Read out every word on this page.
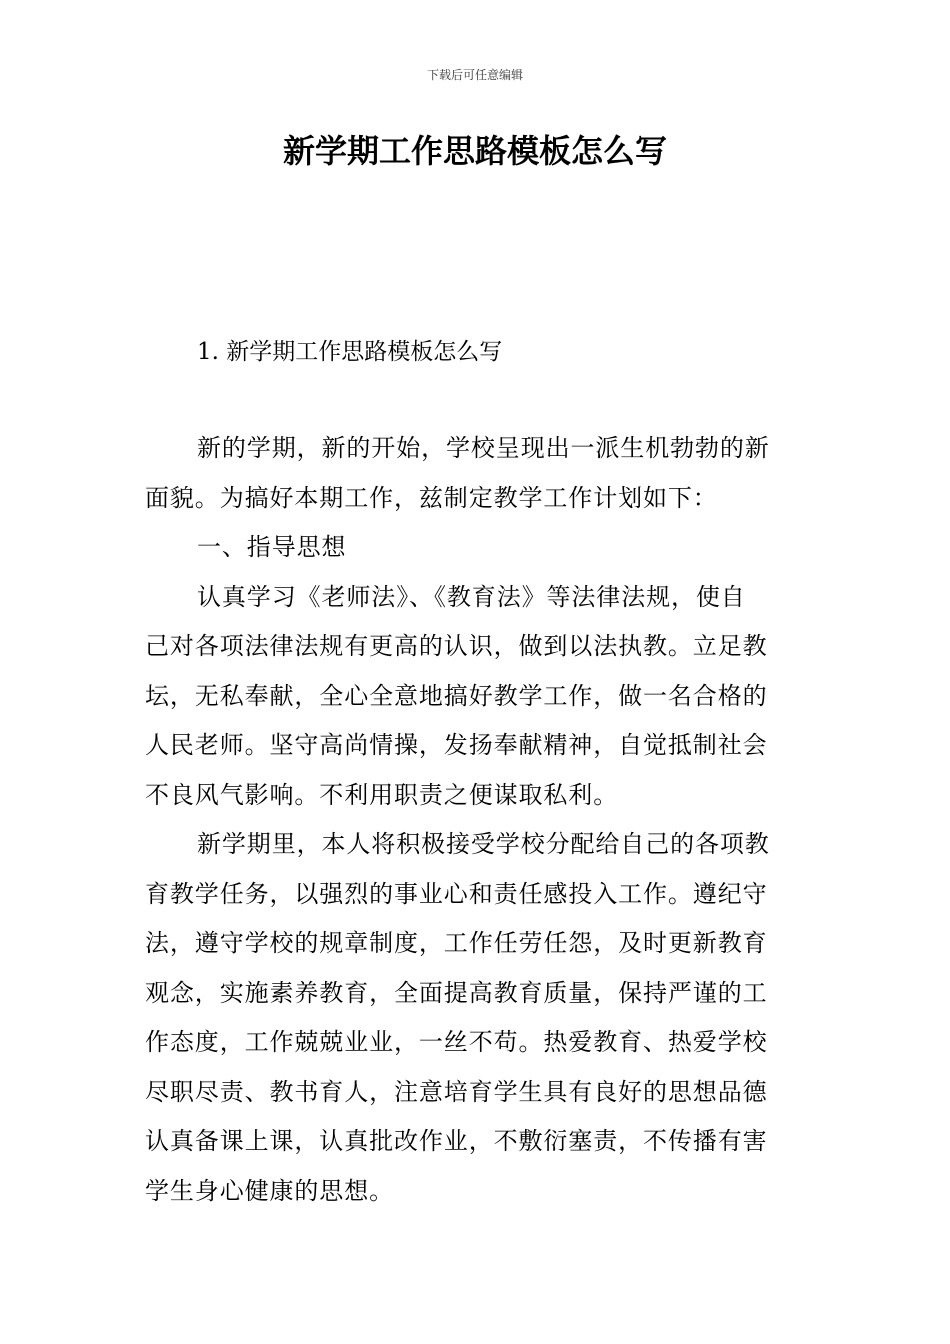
下载后可任意编辑
新学期工作思路模板怎么写
1. 新学期工作思路模板怎么写
新的学期，新的开始，学校呈现出一派生机勃勃的新
面貌。为搞好本期工作，兹制定教学工作计划如下：
一、指导思想
认真学习《老师法》、《教育法》等法律法规，使自
己对各项法律法规有更高的认识，做到以法执教。立足教
坛，无私奉献，全心全意地搞好教学工作，做一名合格的
人民老师。坚守高尚情操，发扬奉献精神，自觉抵制社会
不良风气影响。不利用职责之便谋取私利。
新学期里，本人将积极接受学校分配给自己的各项教
育教学任务，以强烈的事业心和责任感投入工作。遵纪守
法，遵守学校的规章制度，工作任劳任怨，及时更新教育
观念，实施素养教育，全面提高教育质量，保持严谨的工
作态度，工作兢兢业业，一丝不苟。热爱教育、热爱学校
尽职尽责、教书育人，注意培育学生具有良好的思想品德
认真备课上课，认真批改作业，不敷衍塞责，不传播有害
学生身心健康的思想。
